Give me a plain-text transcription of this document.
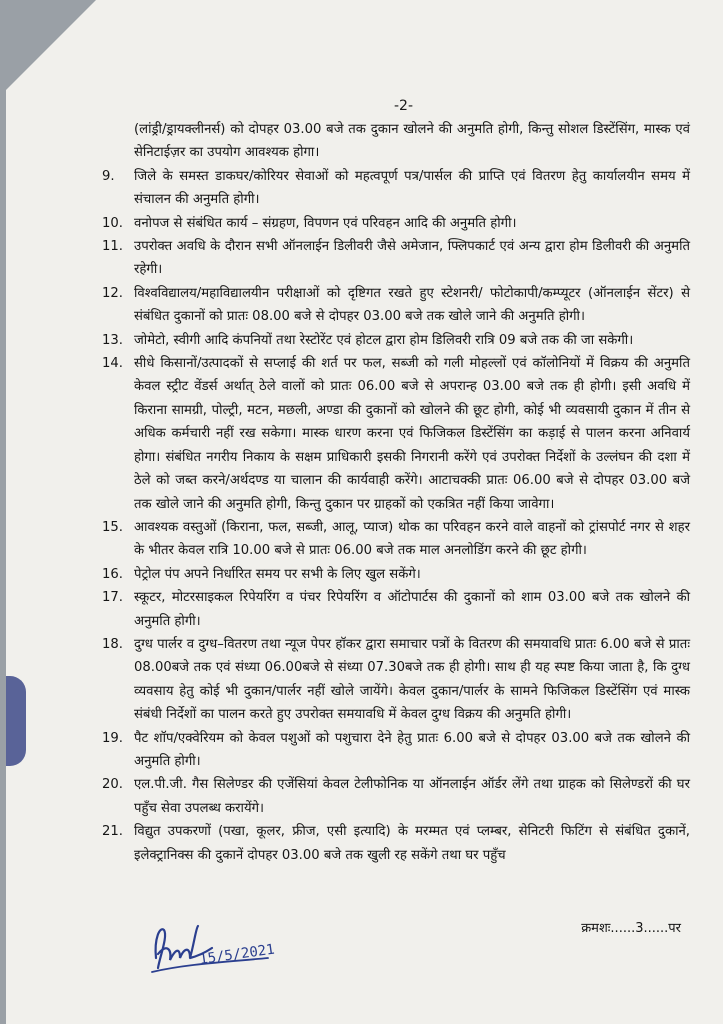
-2-
(लांड्री/ड्रायक्लीनर्स) को दोपहर 03.00 बजे तक दुकान खोलने की अनुमति होगी, किन्तु सोशल डिस्टेंसिंग, मास्क एवं सेनिटाईज़र का उपयोग आवश्यक होगा।
9. जिले के समस्त डाकघर/कोरियर सेवाओं को महत्वपूर्ण पत्र/पार्सल की प्राप्ति एवं वितरण हेतु कार्यालयीन समय में संचालन की अनुमति होगी।
10. वनोपज से संबंधित कार्य – संग्रहण, विपणन एवं परिवहन आदि की अनुमति होगी।
11. उपरोक्त अवधि के दौरान सभी ऑनलाईन डिलीवरी जैसे अमेजान, फ्लिपकार्ट एवं अन्य द्वारा होम डिलीवरी की अनुमति रहेगी।
12. विश्वविद्यालय/महाविद्यालयीन परीक्षाओं को दृष्टिगत रखते हुए स्टेशनरी/ फोटोकापी/कम्प्यूटर (ऑनलाईन सेंटर) से संबंधित दुकानों को प्रातः 08.00 बजे से दोपहर 03.00 बजे तक खोले जाने की अनुमति होगी।
13. जोमेटो, स्वीगी आदि कंपनियों तथा रेस्टोरेंट एवं होटल द्वारा होम डिलिवरी रात्रि 09 बजे तक की जा सकेगी।
14. सीधे किसानों/उत्पादकों से सप्लाई की शर्त पर फल, सब्जी को गली मोहल्लों एवं कॉलोनियों में विक्रय की अनुमति केवल स्ट्रीट वेंडर्स अर्थात् ठेले वालों को प्रातः 06.00 बजे से अपरान्ह 03.00 बजे तक ही होगी। इसी अवधि में किराना सामग्री, पोल्ट्री, मटन, मछली, अण्डा की दुकानों को खोलने की छूट होगी, कोई भी व्यवसायी दुकान में तीन से अधिक कर्मचारी नहीं रख सकेगा। मास्क धारण करना एवं फिजिकल डिस्टेंसिंग का कड़ाई से पालन करना अनिवार्य होगा। संबंधित नगरीय निकाय के सक्षम प्राधिकारी इसकी निगरानी करेंगे एवं उपरोक्त निर्देशों के उल्लंघन की दशा में ठेले को जब्त करने/अर्थदण्ड या चालान की कार्यवाही करेंगे। आटाचक्की प्रातः 06.00 बजे से दोपहर 03.00 बजे तक खोले जाने की अनुमति होगी, किन्तु दुकान पर ग्राहकों को एकत्रित नहीं किया जावेगा।
15. आवश्यक वस्तुओं (किराना, फल, सब्जी, आलू, प्याज) थोक का परिवहन करने वाले वाहनों को ट्रांसपोर्ट नगर से शहर के भीतर केवल रात्रि 10.00 बजे से प्रातः 06.00 बजे तक माल अनलोडिंग करने की छूट होगी।
16. पेट्रोल पंप अपने निर्धारित समय पर सभी के लिए खुल सकेंगे।
17. स्कूटर, मोटरसाइकल रिपेयरिंग व पंचर रिपेयरिंग व ऑटोपार्टस की दुकानों को शाम 03.00 बजे तक खोलने की अनुमति होगी।
18. दुग्ध पार्लर व दुग्ध–वितरण तथा न्यूज पेपर हॉकर द्वारा समाचार पत्रों के वितरण की समयावधि प्रातः 6.00 बजे से प्रातः 08.00बजे तक एवं संध्या 06.00बजे से संध्या 07.30बजे तक ही होगी। साथ ही यह स्पष्ट किया जाता है, कि दुग्ध व्यवसाय हेतु कोई भी दुकान/पार्लर नहीं खोले जायेंगे। केवल दुकान/पार्लर के सामने फिजिकल डिस्टेंसिंग एवं मास्क संबंधी निर्देशों का पालन करते हुए उपरोक्त समयावधि में केवल दुग्ध विक्रय की अनुमति होगी।
19. पैट शॉप/एक्वेरियम को केवल पशुओं को पशुचारा देने हेतु प्रातः 6.00 बजे से दोपहर 03.00 बजे तक खोलने की अनुमति होगी।
20. एल.पी.जी. गैस सिलेण्डर की एजेंसियां केवल टेलीफोनिक या ऑनलाईन ऑर्डर लेंगे तथा ग्राहक को सिलेण्डरों की घर पहुँच सेवा उपलब्ध करायेंगे।
21. विद्युत उपकरणों (पखा, कूलर, फ्रीज, एसी इत्यादि) के मरम्मत एवं प्लम्बर, सेनिटरी फिटिंग से संबंधित दुकानें, इलेक्ट्रानिक्स की दुकानें दोपहर 03.00 बजे तक खुली रह सकेंगे तथा घर पहुँच
क्रमशः......3......पर
15/5/2021
